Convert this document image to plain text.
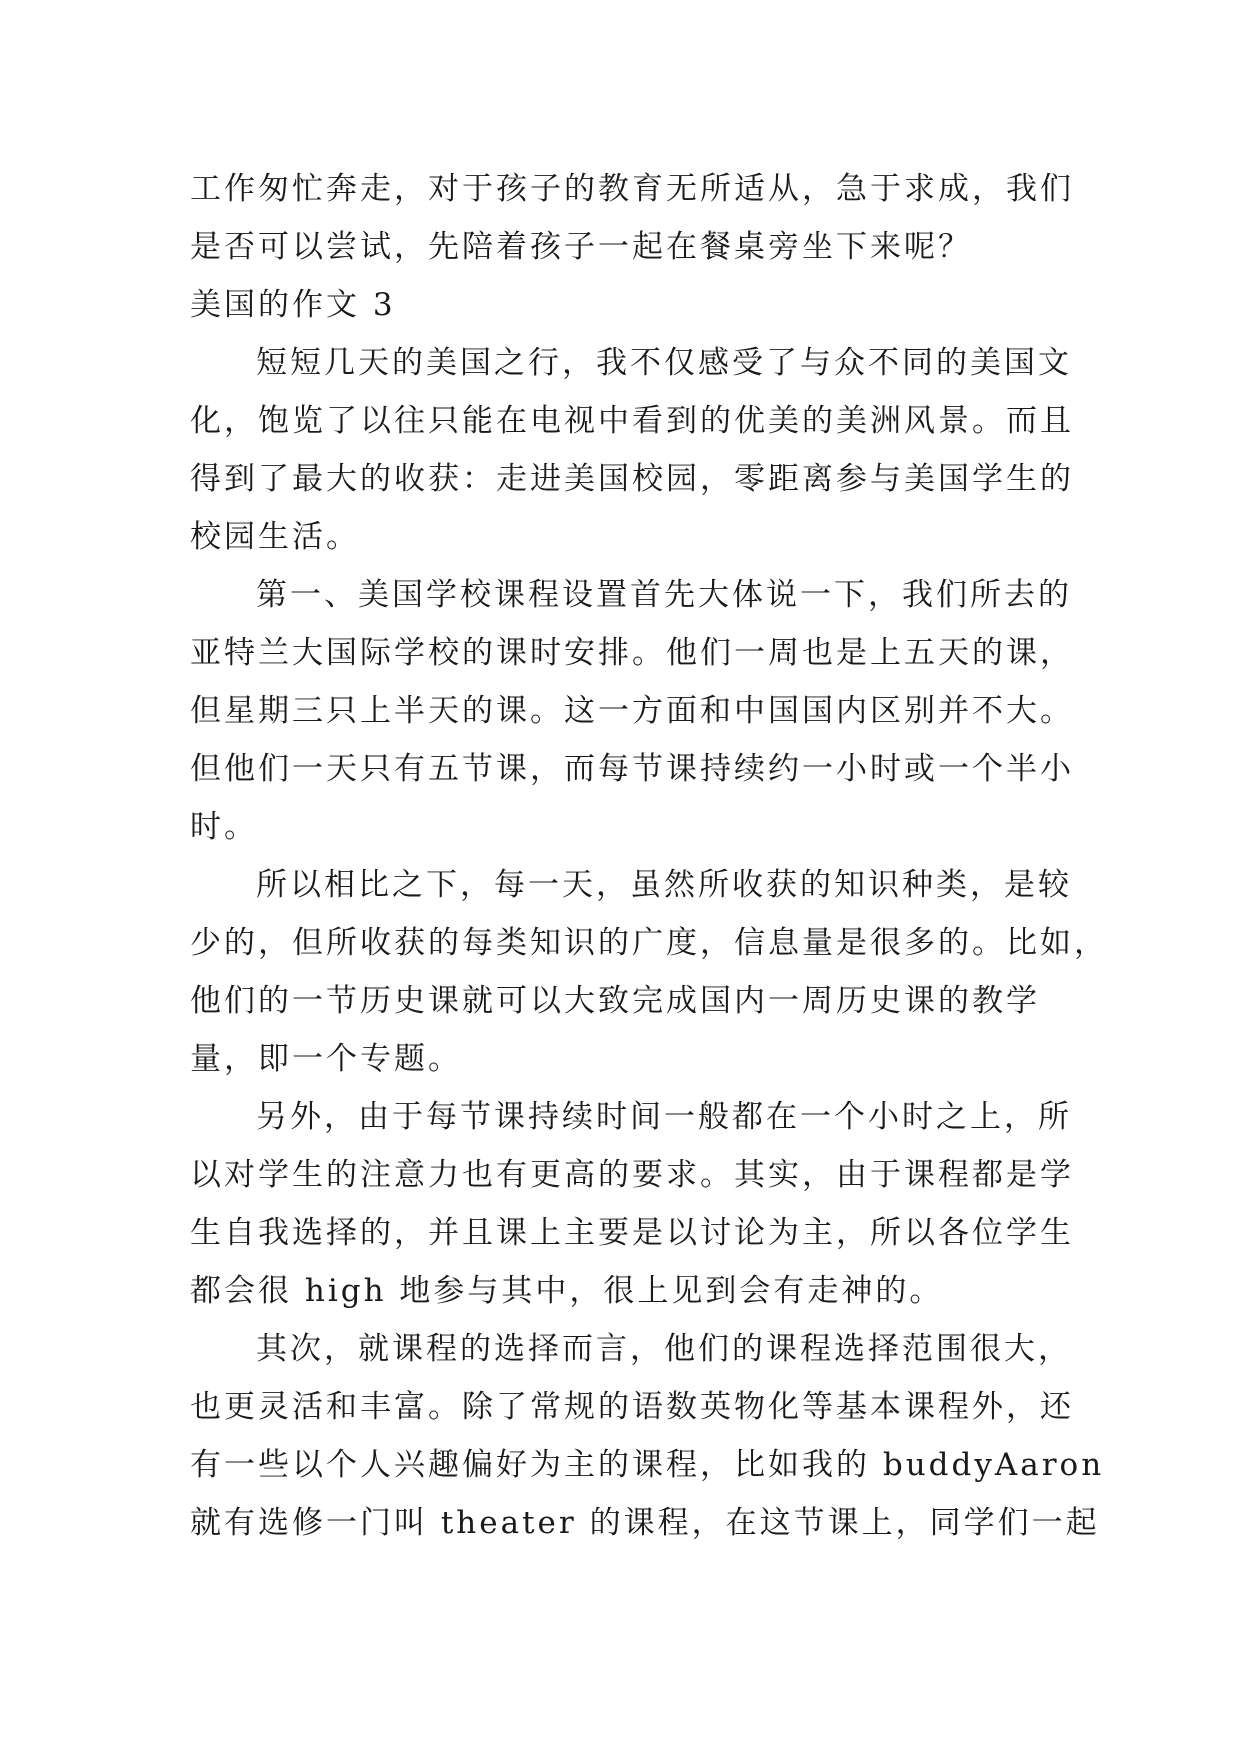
工作匆忙奔走，对于孩子的教育无所适从，急于求成，我们

是否可以尝试，先陪着孩子一起在餐桌旁坐下来呢？

美国的作文 3

短短几天的美国之行，我不仅感受了与众不同的美国文

化，饱览了以往只能在电视中看到的优美的美洲风景。而且

得到了最大的收获：走进美国校园，零距离参与美国学生的

校园生活。

第一、美国学校课程设置首先大体说一下，我们所去的

亚特兰大国际学校的课时安排。他们一周也是上五天的课，

但星期三只上半天的课。这一方面和中国国内区别并不大。

但他们一天只有五节课，而每节课持续约一小时或一个半小

时。

所以相比之下，每一天，虽然所收获的知识种类，是较

少的，但所收获的每类知识的广度，信息量是很多的。比如，

他们的一节历史课就可以大致完成国内一周历史课的教学

量，即一个专题。

另外，由于每节课持续时间一般都在一个小时之上，所

以对学生的注意力也有更高的要求。其实，由于课程都是学

生自我选择的，并且课上主要是以讨论为主，所以各位学生

都会很 high 地参与其中，很上见到会有走神的。

其次，就课程的选择而言，他们的课程选择范围很大，

也更灵活和丰富。除了常规的语数英物化等基本课程外，还

有一些以个人兴趣偏好为主的课程，比如我的 buddyAaron

就有选修一门叫 theater 的课程，在这节课上，同学们一起
